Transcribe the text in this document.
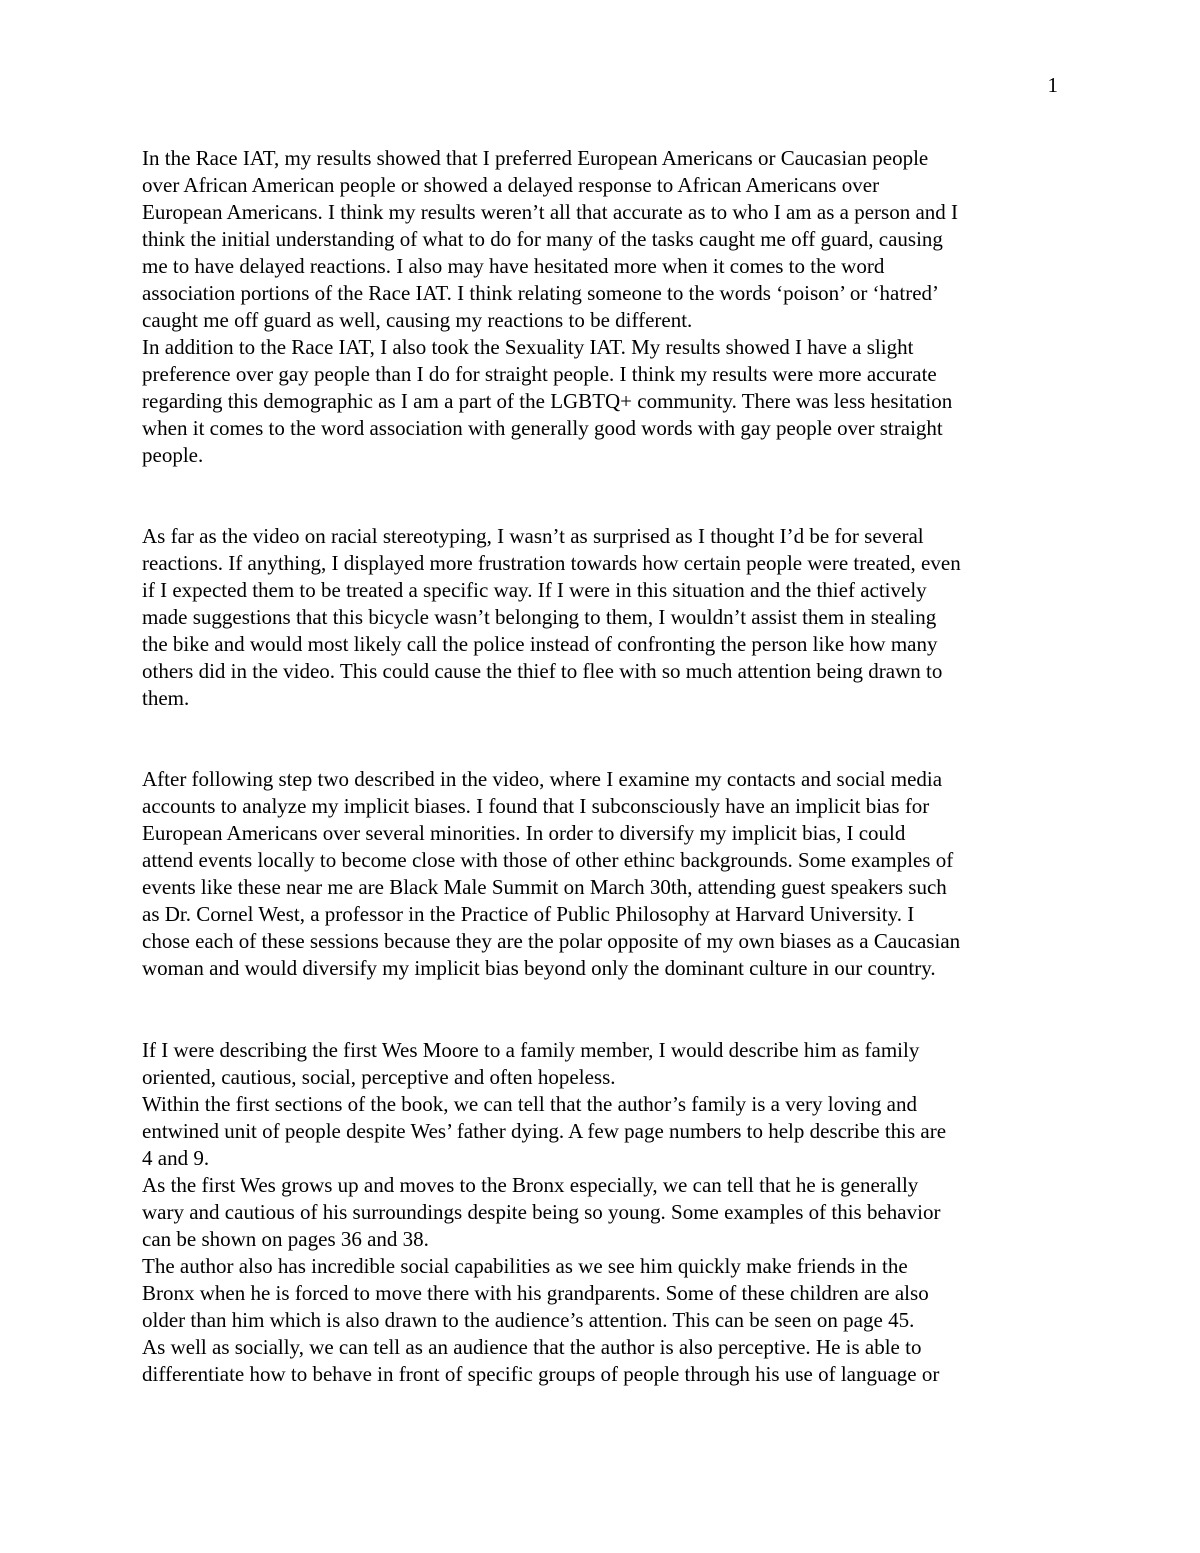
1
In the Race IAT, my results showed that I preferred European Americans or Caucasian people
over African American people or showed a delayed response to African Americans over
European Americans. I think my results weren’t all that accurate as to who I am as a person and I
think the initial understanding of what to do for many of the tasks caught me off guard, causing
me to have delayed reactions. I also may have hesitated more when it comes to the word
association portions of the Race IAT. I think relating someone to the words ‘poison’ or ‘hatred’
caught me off guard as well, causing my reactions to be different.
In addition to the Race IAT, I also took the Sexuality IAT. My results showed I have a slight
preference over gay people than I do for straight people. I think my results were more accurate
regarding this demographic as I am a part of the LGBTQ+ community. There was less hesitation
when it comes to the word association with generally good words with gay people over straight
people.
As far as the video on racial stereotyping, I wasn’t as surprised as I thought I’d be for several
reactions. If anything, I displayed more frustration towards how certain people were treated, even
if I expected them to be treated a specific way. If I were in this situation and the thief actively
made suggestions that this bicycle wasn’t belonging to them, I wouldn’t assist them in stealing
the bike and would most likely call the police instead of confronting the person like how many
others did in the video. This could cause the thief to flee with so much attention being drawn to
them.
After following step two described in the video, where I examine my contacts and social media
accounts to analyze my implicit biases. I found that I subconsciously have an implicit bias for
European Americans over several minorities. In order to diversify my implicit bias, I could
attend events locally to become close with those of other ethinc backgrounds. Some examples of
events like these near me are Black Male Summit on March 30th, attending guest speakers such
as Dr. Cornel West, a professor in the Practice of Public Philosophy at Harvard University. I
chose each of these sessions because they are the polar opposite of my own biases as a Caucasian
woman and would diversify my implicit bias beyond only the dominant culture in our country.
If I were describing the first Wes Moore to a family member, I would describe him as family
oriented, cautious, social, perceptive and often hopeless.
Within the first sections of the book, we can tell that the author’s family is a very loving and
entwined unit of people despite Wes’ father dying. A few page numbers to help describe this are
4 and 9.
As the first Wes grows up and moves to the Bronx especially, we can tell that he is generally
wary and cautious of his surroundings despite being so young. Some examples of this behavior
can be shown on pages 36 and 38.
The author also has incredible social capabilities as we see him quickly make friends in the
Bronx when he is forced to move there with his grandparents. Some of these children are also
older than him which is also drawn to the audience’s attention. This can be seen on page 45.
As well as socially, we can tell as an audience that the author is also perceptive. He is able to
differentiate how to behave in front of specific groups of people through his use of language or
